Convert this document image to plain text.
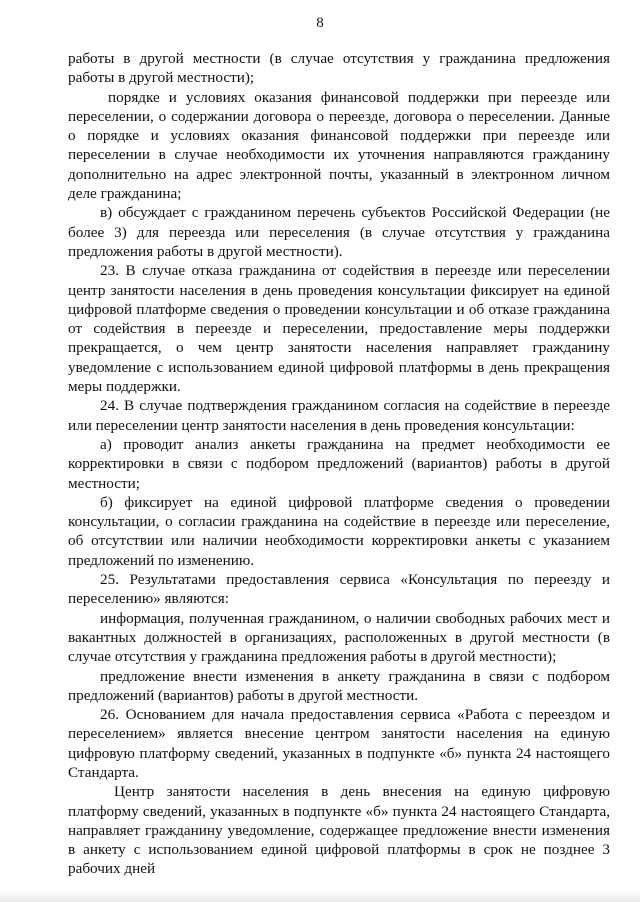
8

работы в другой местности (в случае отсутствия у гражданина предложения работы в другой местности);

порядке и условиях оказания финансовой поддержки при переезде или переселении, о содержании договора о переезде, договора о переселении. Данные о порядке и условиях оказания финансовой поддержки при переезде или переселении в случае необходимости их уточнения направляются гражданину дополнительно на адрес электронной почты, указанный в электронном личном деле гражданина;

в) обсуждает с гражданином перечень субъектов Российской Федерации (не более 3) для переезда или переселения (в случае отсутствия у гражданина предложения работы в другой местности).

23. В случае отказа гражданина от содействия в переезде или переселении центр занятости населения в день проведения консультации фиксирует на единой цифровой платформе сведения о проведении консультации и об отказе гражданина от содействия в переезде и переселении, предоставление меры поддержки прекращается, о чем центр занятости населения направляет гражданину уведомление с использованием единой цифровой платформы в день прекращения меры поддержки.

24. В случае подтверждения гражданином согласия на содействие в переезде или переселении центр занятости населения в день проведения консультации:

а) проводит анализ анкеты гражданина на предмет необходимости ее корректировки в связи с подбором предложений (вариантов) работы в другой местности;

б) фиксирует на единой цифровой платформе сведения о проведении консультации, о согласии гражданина на содействие в переезде или переселение, об отсутствии или наличии необходимости корректировки анкеты с указанием предложений по изменению.

25. Результатами предоставления сервиса «Консультация по переезду и переселению» являются:

информация, полученная гражданином, о наличии свободных рабочих мест и вакантных должностей в организациях, расположенных в другой местности (в случае отсутствия у гражданина предложения работы в другой местности);

предложение внести изменения в анкету гражданина в связи с подбором предложений (вариантов) работы в другой местности.

26. Основанием для начала предоставления сервиса «Работа с переездом и переселением» является внесение центром занятости населения на единую цифровую платформу сведений, указанных в подпункте «б» пункта 24 настоящего Стандарта.

Центр занятости населения в день внесения на единую цифровую платформу сведений, указанных в подпункте «б» пункта 24 настоящего Стандарта, направляет гражданину уведомление, содержащее предложение внести изменения в анкету с использованием единой цифровой платформы в срок не позднее 3 рабочих дней
